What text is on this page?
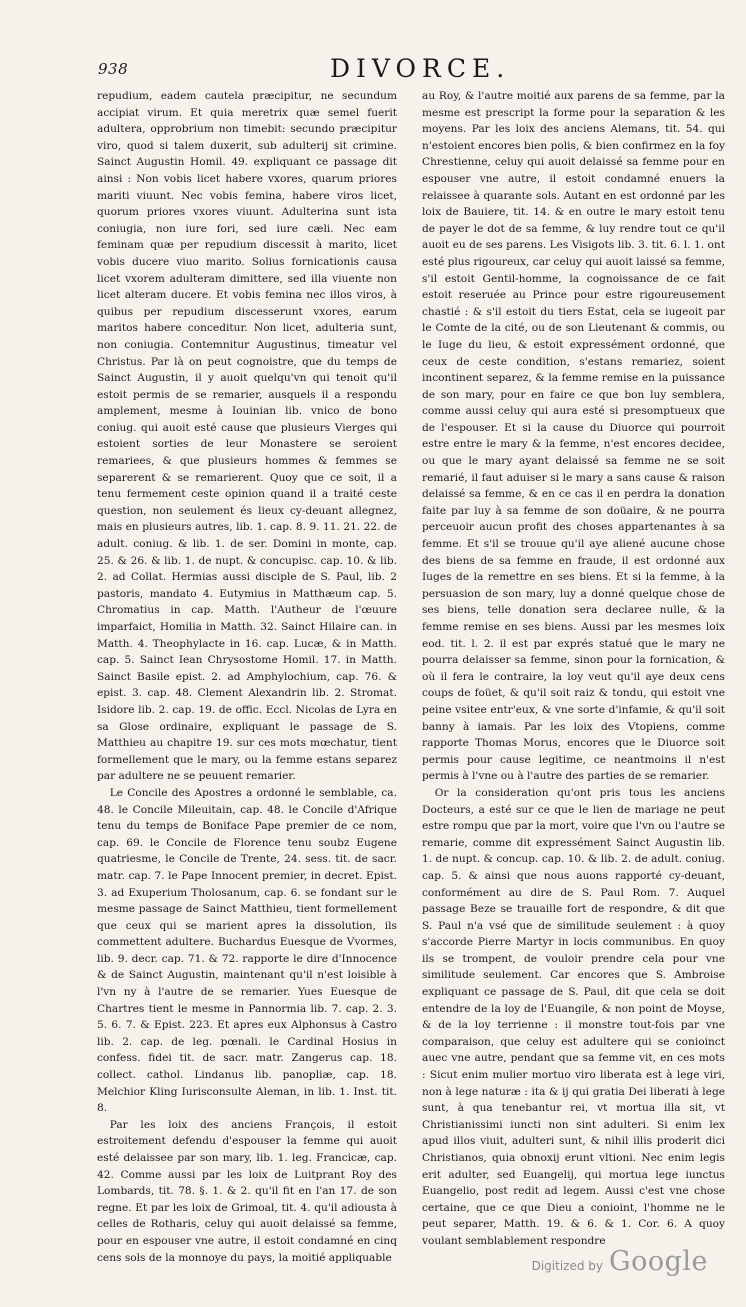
938	DIVORCE.

repudium, eadem cautela præcipitur, ne secundum accipiat virum. Et quia meretrix quæ semel fuerit adultera, opprobrium non timebit: secundo præcipitur viro, quod si talem duxerit, sub adulterij sit crimine. Sainct Augustin Homil. 49. expliquant ce passage dit ainsi : Non vobis licet habere vxores, quarum priores mariti viuunt. Nec vobis femina, habere viros licet, quorum priores vxores viuunt. Adulterina sunt ista coniugia, non iure fori, sed iure cæli. Nec eam feminam quæ per repudium discessit à marito, licet vobis ducere viuo marito. Solius fornicationis causa licet vxorem adulteram dimittere, sed illa viuente non licet alteram ducere. Et vobis femina nec illos viros, à quibus per repudium discesserunt vxores, earum maritos habere conceditur. Non licet, adulteria sunt, non coniugia. Contemnitur Augustinus, timeatur vel Christus. Par là on peut cognoistre, que du temps de Sainct Augustin, il y auoit quelqu'vn qui tenoit qu'il estoit permis de se remarier, ausquels il a respondu amplement, mesme à Iouinian lib. vnico de bono coniug. qui auoit esté cause que plusieurs Vierges qui estoient sorties de leur Monastere se seroient remariees, & que plusieurs hommes & femmes se separerent & se remarierent. Quoy que ce soit, il a tenu fermement ceste opinion quand il a traité ceste question, non seulement és lieux cy-deuant allegnez, mais en plusieurs autres, lib. 1. cap. 8. 9. 11. 21. 22. de adult. coniug. & lib. 1. de ser. Domini in monte, cap. 25. & 26. & lib. 1. de nupt. & concupisc. cap. 10. & lib. 2. ad Collat. Hermias aussi disciple de S. Paul, lib. 2 pastoris, mandato 4. Eutymius in Matthæum cap. 5. Chromatius in cap. Matth. l'Autheur de l'œuure imparfaict, Homilia in Matth. 32. Sainct Hilaire can. in Matth. 4. Theophylacte in 16. cap. Lucæ, & in Matth. cap. 5. Sainct Iean Chrysostome Homil. 17. in Matth. Sainct Basile epist. 2. ad Amphylochium, cap. 76. & epist. 3. cap. 48. Clement Alexandrin lib. 2. Stromat. Isidore lib. 2. cap. 19. de offic. Eccl. Nicolas de Lyra en sa Glose ordinaire, expliquant le passage de S. Matthieu au chapitre 19. sur ces mots mœchatur, tient formellement que le mary, ou la femme estans separez par adultere ne se peuuent remarier.

Le Concile des Apostres a ordonné le semblable, ca. 48. le Concile Mileuitain, cap. 48. le Concile d'Afrique tenu du temps de Boniface Pape premier de ce nom, cap. 69. le Concile de Florence tenu soubz Eugene quatriesme, le Concile de Trente, 24. sess. tit. de sacr. matr. cap. 7. le Pape Innocent premier, in decret. Epist. 3. ad Exuperium Tholosanum, cap. 6. se fondant sur le mesme passage de Sainct Matthieu, tient formellement que ceux qui se marient apres la dissolution, ils commettent adultere. Buchardus Euesque de Vvormes, lib. 9. decr. cap. 71. & 72. rapporte le dire d'Innocence & de Sainct Augustin, maintenant qu'il n'est loisible à l'vn ny à l'autre de se remarier. Yues Euesque de Chartres tient le mesme in Pannormia lib. 7. cap. 2. 3. 5. 6. 7. & Epist. 223. Et apres eux Alphonsus à Castro lib. 2. cap. de leg. pœnali. le Cardinal Hosius in confess. fidei tit. de sacr. matr. Zangerus cap. 18. collect. cathol. Lindanus lib. panopliæ, cap. 18. Melchior Kling Iurisconsulte Aleman, in lib. 1. Inst. tit. 8.

Par les loix des anciens François, il estoit estroitement defendu d'espouser la femme qui auoit esté delaissee par son mary, lib. 1. leg. Francicæ, cap. 42. Comme aussi par les loix de Luitprant Roy des Lombards, tit. 78. §. 1. & 2. qu'il fit en l'an 17. de son regne. Et par les loix de Grimoal, tit. 4. qu'il adiousta à celles de Rotharis, celuy qui auoit delaissé sa femme, pour en espouser vne autre, il estoit condamné en cinq cens sols de la monnoye du pays, la moitié appliquable

au Roy, & l'autre moitié aux parens de sa femme, par la mesme est prescript la forme pour la separation & les moyens. Par les loix des anciens Alemans, tit. 54. qui n'estoient encores bien polis, & bien confirmez en la foy Chrestienne, celuy qui auoit delaissé sa femme pour en espouser vne autre, il estoit condamné enuers la relaissee à quarante sols. Autant en est ordonné par les loix de Bauiere, tit. 14. & en outre le mary estoit tenu de payer le dot de sa femme, & luy rendre tout ce qu'il auoit eu de ses parens. Les Visigots lib. 3. tit. 6. l. 1. ont esté plus rigoureux, car celuy qui auoit laissé sa femme, s'il estoit Gentil-homme, la cognoissance de ce fait estoit reseruée au Prince pour estre rigoureusement chastié : & s'il estoit du tiers Estat, cela se iugeoit par le Comte de la cité, ou de son Lieutenant & commis, ou le Iuge du lieu, & estoit expressément ordonné, que ceux de ceste condition, s'estans remariez, soient incontinent separez, & la femme remise en la puissance de son mary, pour en faire ce que bon luy semblera, comme aussi celuy qui aura esté si presomptueux que de l'espouser. Et si la cause du Diuorce qui pourroit estre entre le mary & la femme, n'est encores decidee, ou que le mary ayant delaissé sa femme ne se soit remarié, il faut aduiser si le mary a sans cause & raison delaissé sa femme, & en ce cas il en perdra la donation faite par luy à sa femme de son doüaire, & ne pourra perceuoir aucun profit des choses appartenantes à sa femme. Et s'il se trouue qu'il aye aliené aucune chose des biens de sa femme en fraude, il est ordonné aux Iuges de la remettre en ses biens. Et si la femme, à la persuasion de son mary, luy a donné quelque chose de ses biens, telle donation sera declaree nulle, & la femme remise en ses biens. Aussi par les mesmes loix eod. tit. l. 2. il est par exprés statué que le mary ne pourra delaisser sa femme, sinon pour la fornication, & où il fera le contraire, la loy veut qu'il aye deux cens coups de foüet, & qu'il soit raiz & tondu, qui estoit vne peine vsitee entr'eux, & vne sorte d'infamie, & qu'il soit banny à iamais. Par les loix des Vtopiens, comme rapporte Thomas Morus, encores que le Diuorce soit permis pour cause legitime, ce neantmoins il n'est permis à l'vne ou à l'autre des parties de se remarier.

Or la consideration qu'ont pris tous les anciens Docteurs, a esté sur ce que le lien de mariage ne peut estre rompu que par la mort, voire que l'vn ou l'autre se remarie, comme dit expressément Sainct Augustin lib. 1. de nupt. & concup. cap. 10. & lib. 2. de adult. coniug. cap. 5. & ainsi que nous auons rapporté cy-deuant, conformément au dire de S. Paul Rom. 7. Auquel passage Beze se trauaille fort de respondre, & dit que S. Paul n'a vsé que de similitude seulement : à quoy s'accorde Pierre Martyr in locis communibus. En quoy ils se trompent, de vouloir prendre cela pour vne similitude seulement. Car encores que S. Ambroise expliquant ce passage de S. Paul, dit que cela se doit entendre de la loy de l'Euangile, & non point de Moyse, & de la loy terrienne : il monstre tout-fois par vne comparaison, que celuy est adultere qui se conioinct auec vne autre, pendant que sa femme vit, en ces mots : Sicut enim mulier mortuo viro liberata est à lege viri, non à lege naturæ : ita & ij qui gratia Dei liberati à lege sunt, à qua tenebantur rei, vt mortua illa sit, vt Christianissimi iuncti non sint adulteri. Si enim lex apud illos viuit, adulteri sunt, & nihil illis proderit dici Christianos, quia obnoxij erunt vltioni. Nec enim legis erit adulter, sed Euangelij, qui mortua lege iunctus Euangelio, post redit ad legem. Aussi c'est vne chose certaine, que ce que Dieu a conioint, l'homme ne le peut separer, Matth. 19. & 6. & 1. Cor. 6. A quoy voulant semblablement respondre

Digitized by Google
